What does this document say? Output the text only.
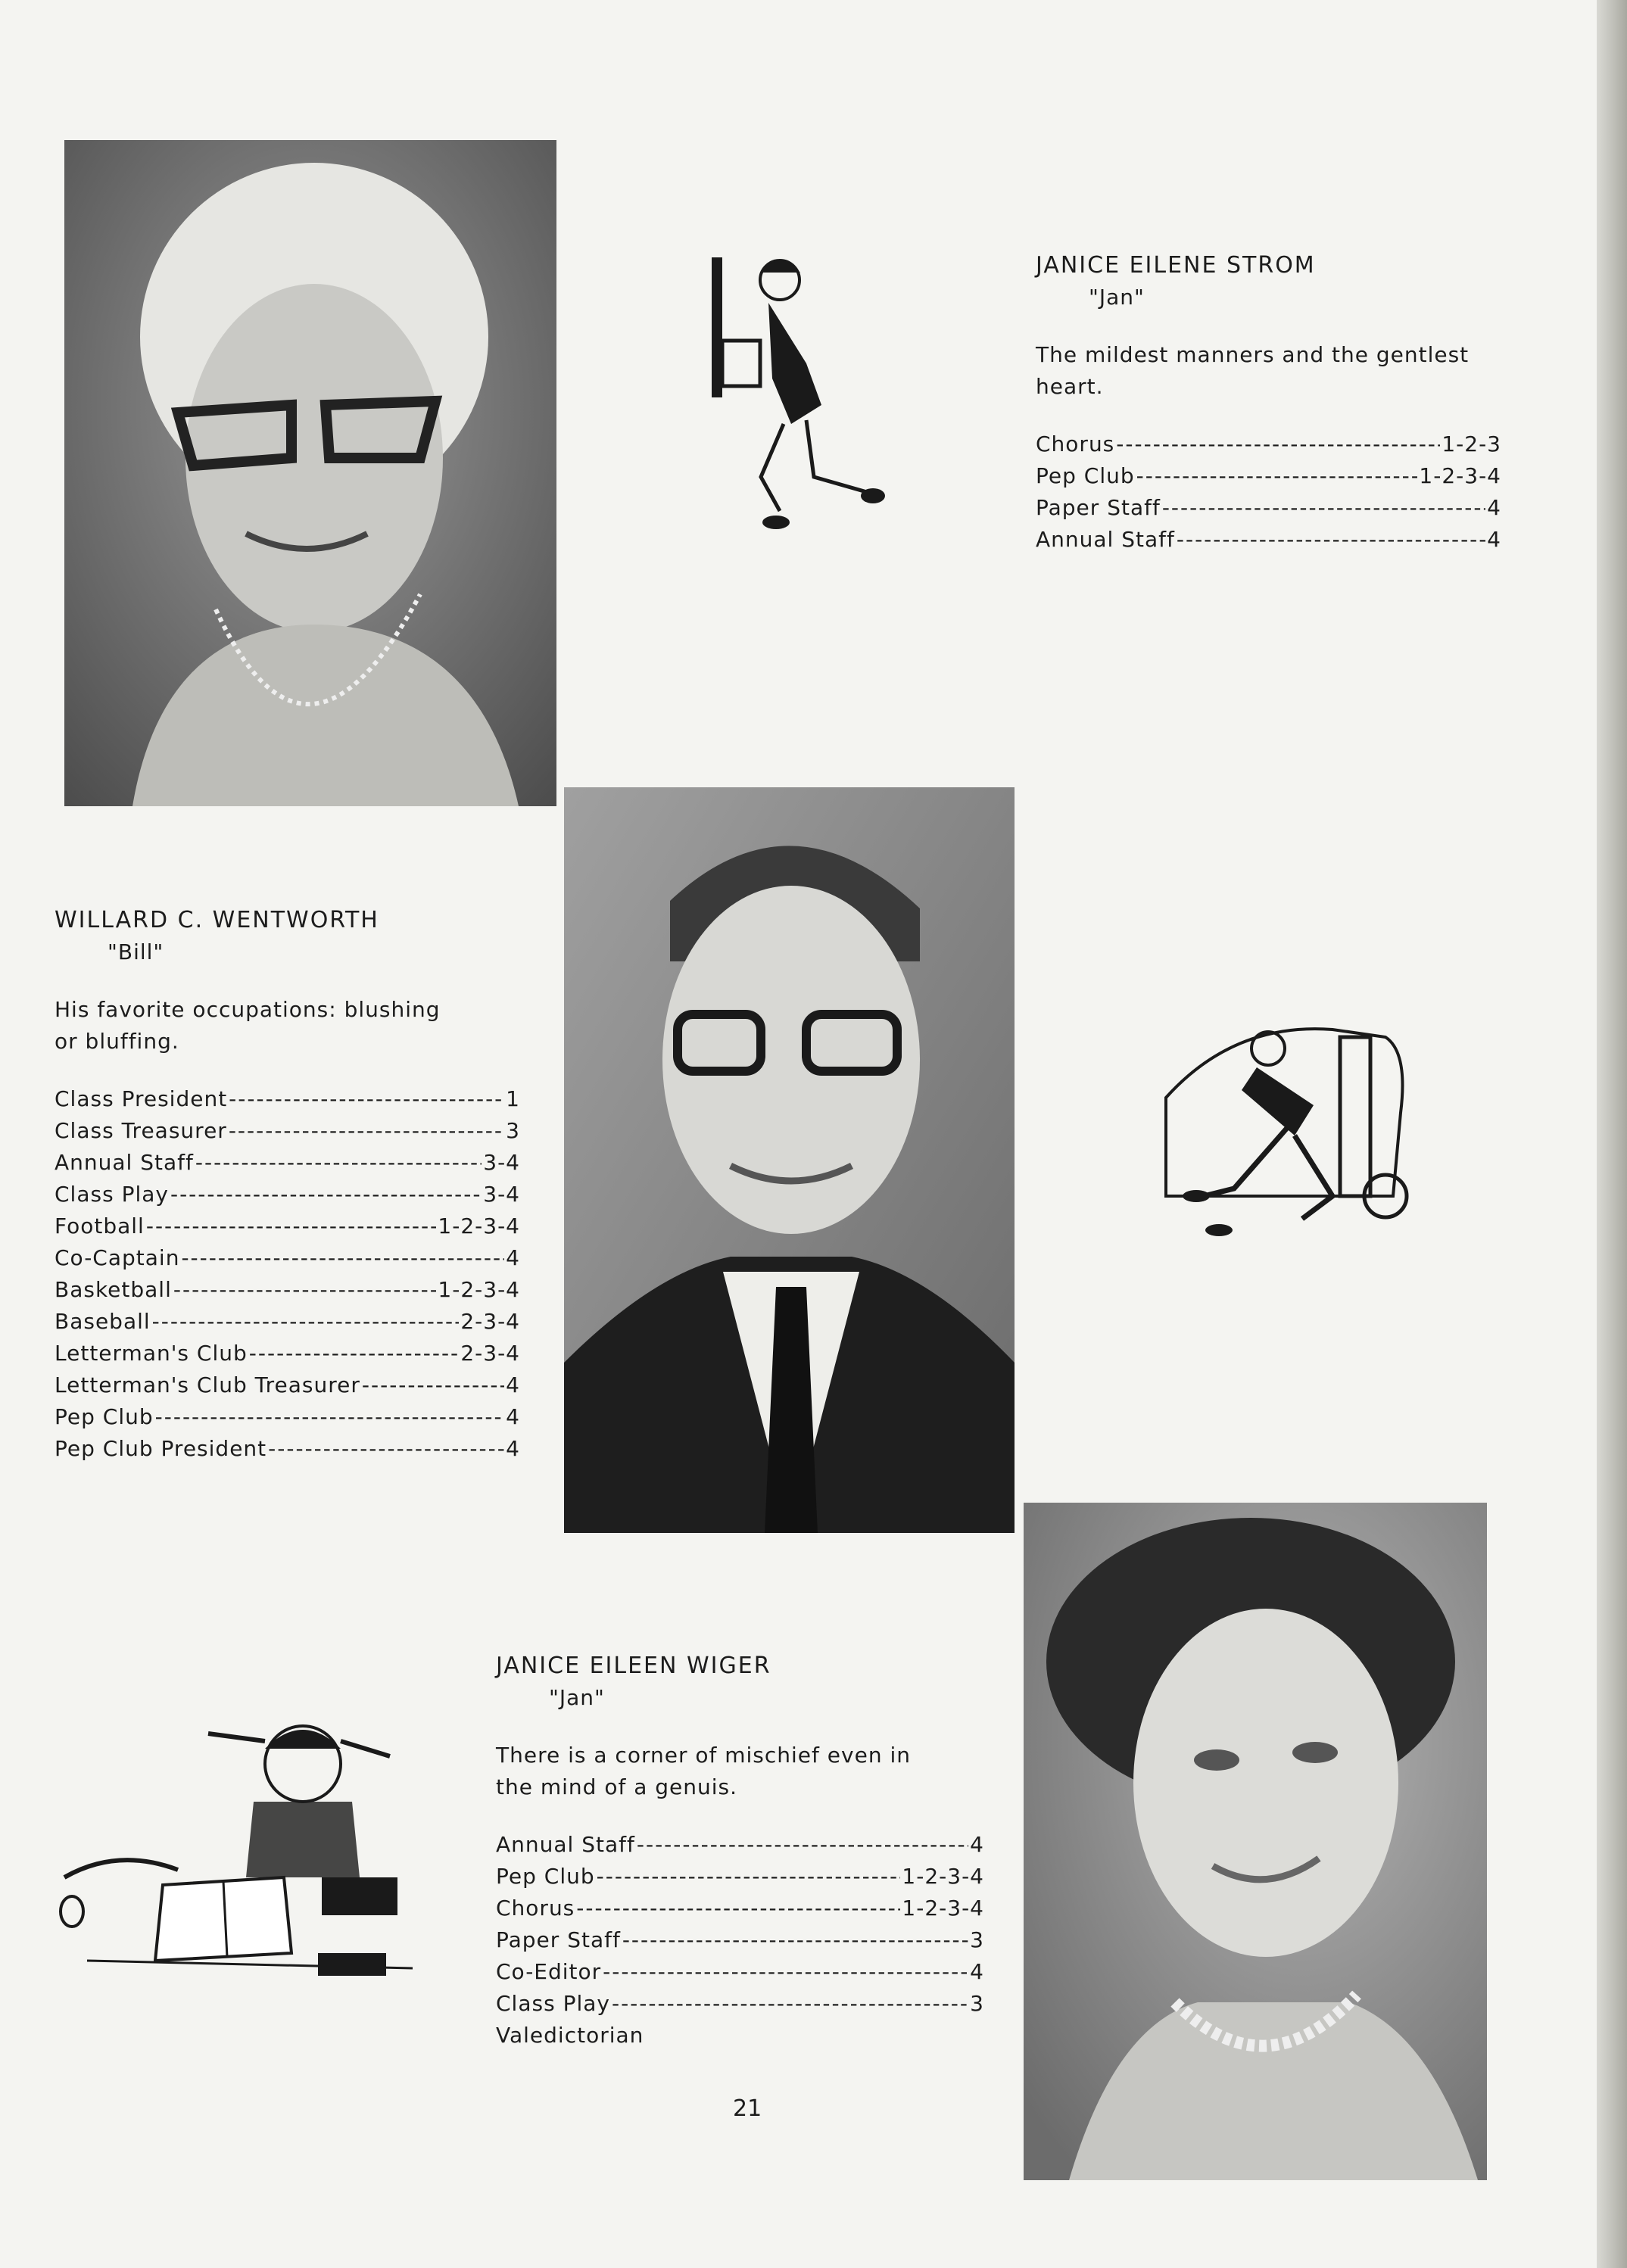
JANICE EILENE STROM
"Jan"
The mildest manners and the gentlest
heart.
Chorus -----	1-2-3
Pep Club -----	1-2-3-4
Paper Staff -----	4
Annual Staff -----	4
WILLARD C. WENTWORTH
"Bill"
His favorite occupations: blushing
or bluffing.
Class President -----	1
Class Treasurer -----	3
Annual Staff -----	3-4
Class Play -----	3-4
Football -----	1-2-3-4
Co-Captain -----	4
Basketball -----	1-2-3-4
Baseball -----	2-3-4
Letterman's Club -----	2-3-4
Letterman's Club Treasurer -----	4
Pep Club -----	4
Pep Club President -----	4
JANICE EILEEN WIGER
"Jan"
There is a corner of mischief even in
the mind of a genuis.
Annual Staff -----	4
Pep Club -----	1-2-3-4
Chorus -----	1-2-3-4
Paper Staff -----	3
Co-Editor -----	4
Class Play -----	3
Valedictorian
21
